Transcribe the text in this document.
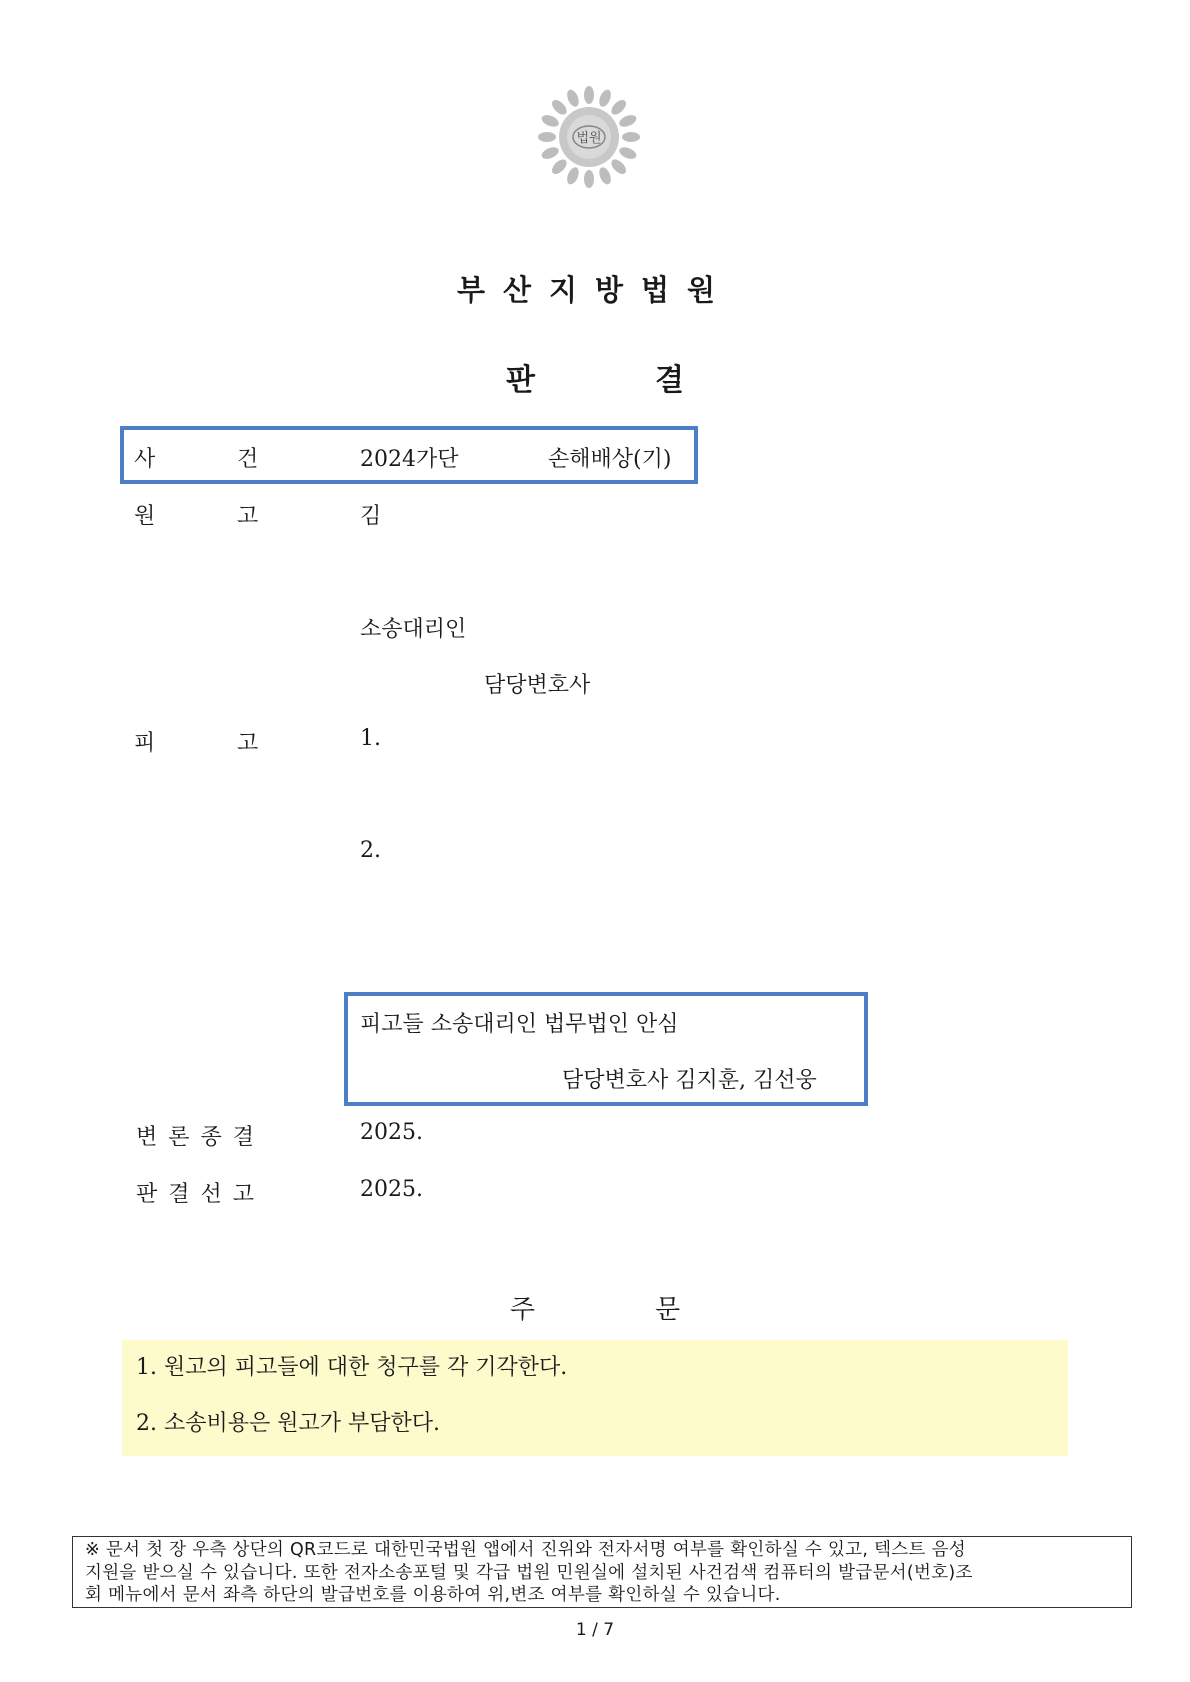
법원
부산지방법원
판	결
사	건	2024가단	손해배상(기)
원	고	김
소송대리인
담당변호사
피	고	1.
2.
피고들 소송대리인 법무법인 안심
담당변호사 김지훈, 김선웅
변 론 종 결	2025.
판 결 선 고	2025.
주	문
1. 원고의 피고들에 대한 청구를 각 기각한다.
2. 소송비용은 원고가 부담한다.
※ 문서 첫 장 우측 상단의 QR코드로 대한민국법원 앱에서 진위와 전자서명 여부를 확인하실 수 있고, 텍스트 음성
지원을 받으실 수 있습니다. 또한 전자소송포털 및 각급 법원 민원실에 설치된 사건검색 컴퓨터의 발급문서(번호)조
회 메뉴에서 문서 좌측 하단의 발급번호를 이용하여 위,변조 여부를 확인하실 수 있습니다.
1 / 7
